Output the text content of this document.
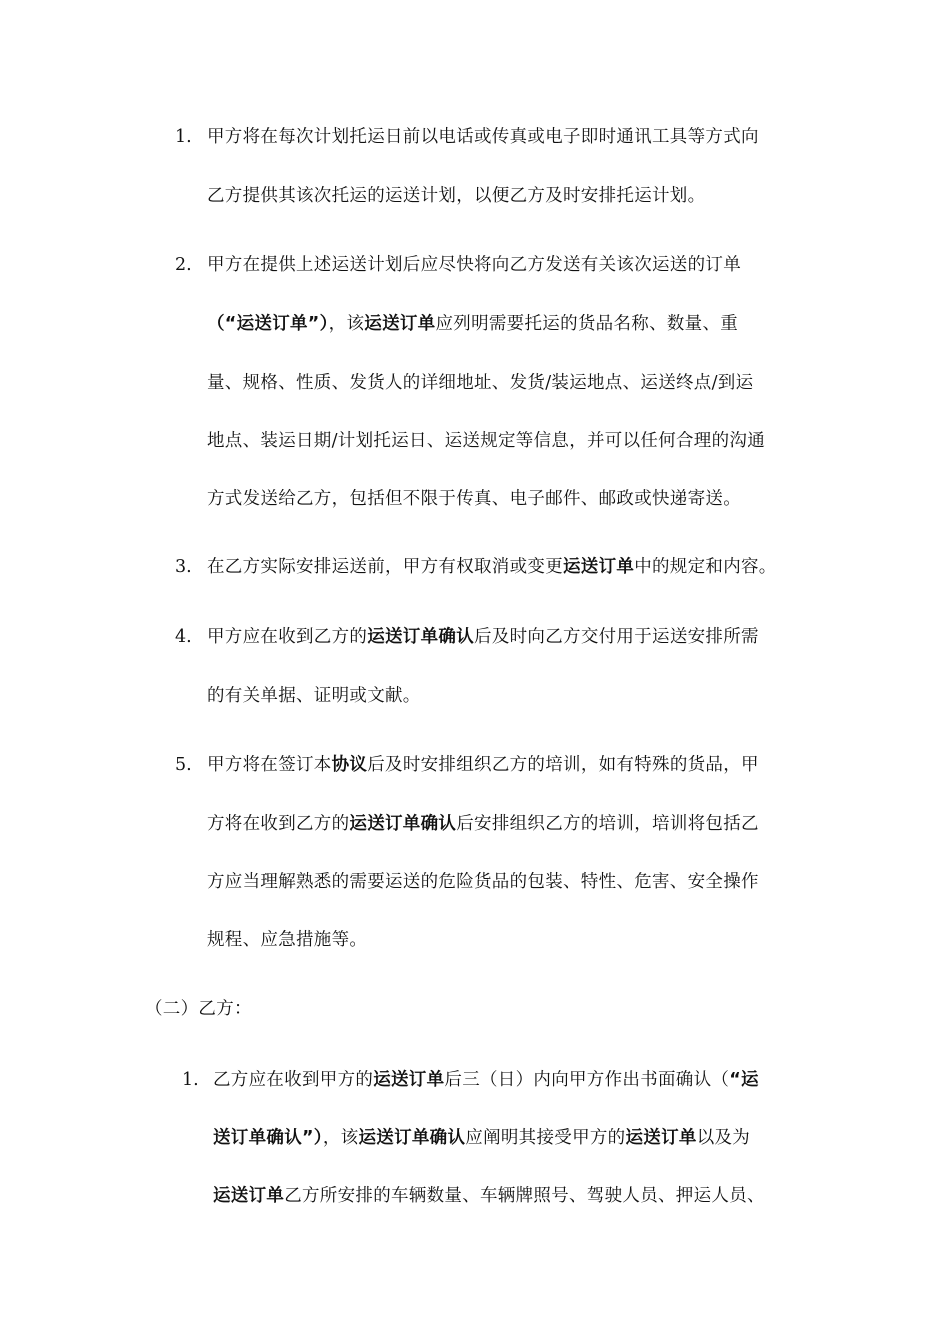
1. 甲方将在每次计划托运日前以电话或传真或电子即时通讯工具等方式向
乙方提供其该次托运的运送计划，以便乙方及时安排托运计划。
2. 甲方在提供上述运送计划后应尽快将向乙方发送有关该次运送的订单
（“运送订单”），该运送订单应列明需要托运的货品名称、数量、重
量、规格、性质、发货人的详细地址、发货/装运地点、运送终点/到运
地点、装运日期/计划托运日、运送规定等信息，并可以任何合理的沟通
方式发送给乙方，包括但不限于传真、电子邮件、邮政或快递寄送。
3. 在乙方实际安排运送前，甲方有权取消或变更运送订单中的规定和内容。
4. 甲方应在收到乙方的运送订单确认后及时向乙方交付用于运送安排所需
的有关单据、证明或文献。
5. 甲方将在签订本协议后及时安排组织乙方的培训，如有特殊的货品，甲
方将在收到乙方的运送订单确认后安排组织乙方的培训，培训将包括乙
方应当理解熟悉的需要运送的危险货品的包装、特性、危害、安全操作
规程、应急措施等。
（二）乙方：
1. 乙方应在收到甲方的运送订单后三（日）内向甲方作出书面确认（“运
送订单确认”），该运送订单确认应阐明其接受甲方的运送订单以及为
运送订单乙方所安排的车辆数量、车辆牌照号、驾驶人员、押运人员、
